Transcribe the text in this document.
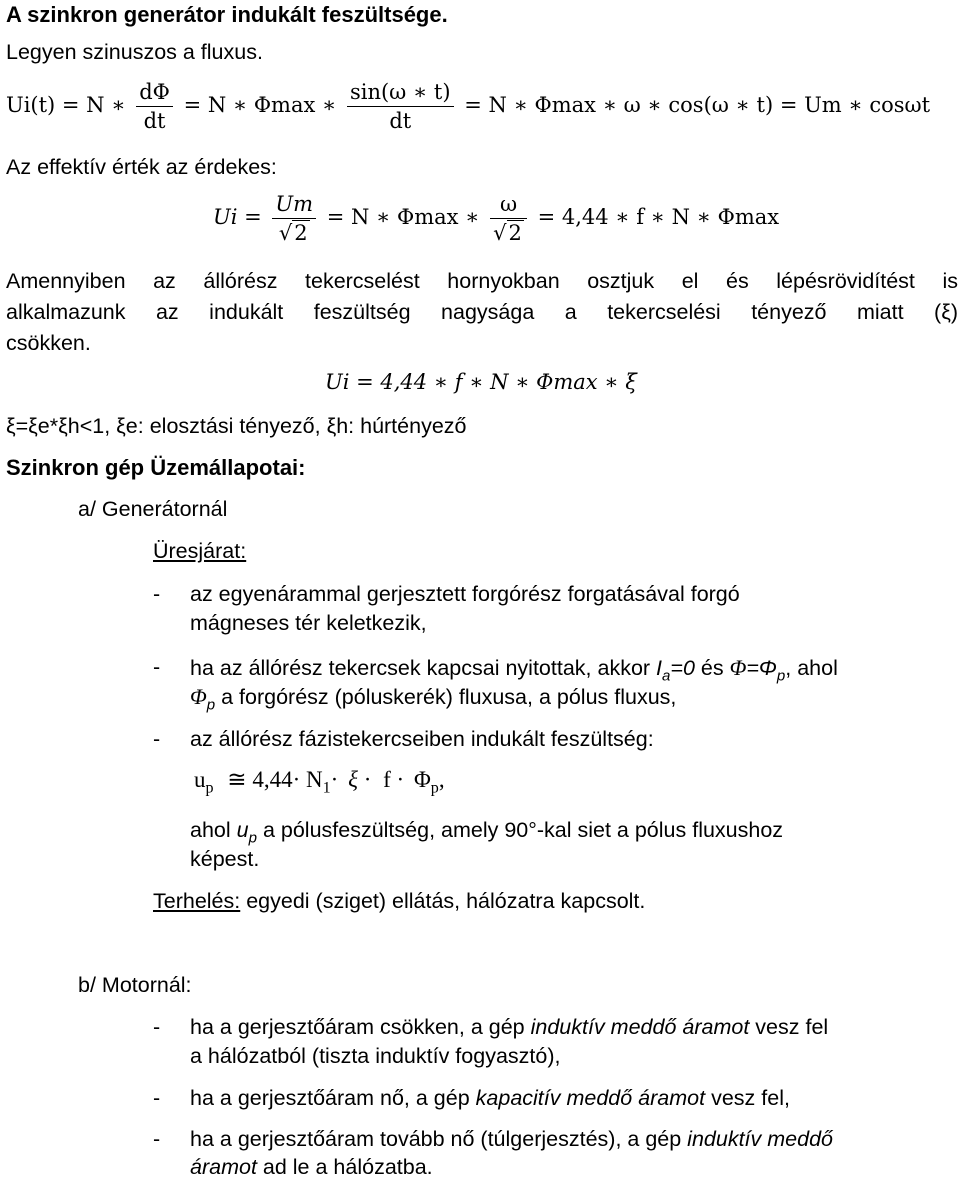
A szinkron generátor indukált feszültsége.
Legyen szinuszos a fluxus.
Ui(t) = N ∗ $\frac{d\Phi}{dt} = N$ ∗ Φmax ∗ $\frac{\sin(\omega ∗ t)}{dt} = N$ ∗ Φmax ∗ ω ∗ cos(ω ∗ t) = Um ∗ cosωt
Az effektív érték az érdekes:
$Ui = \frac{Um}{√2} = N$ ∗ Φmax ∗ $\frac{\omega}{√2} = 4,44$ ∗ f ∗ N ∗ Φmax
Amennyiben az állórész tekercselést hornyokban osztjuk el és lépésrövidítést is
alkalmazunk az indukált feszültség nagysága a tekercselési tényező miatt (ξ)
csökken.
Ui = 4,44 ∗ f ∗ N ∗ Φmax ∗ ξ
ξ=ξe*ξh<1, ξe: elosztási tényező, ξh: húrtényező
Szinkron gép Üzemállapotai:
a/ Generátornál
Üresjárat:
- az egyenárammal gerjesztett forgórész forgatásával forgó
mágneses tér keletkezik,
- ha az állórész tekercsek kapcsai nyitottak, akkor $I_a=0$ és $\Phi=\Phi_p$, ahol
$\Phi_p$ a forgórész (póluskerék) fluxusa, a pólus fluxus,
- az állórész fázistekercseiben indukált feszültség:
$u_p$ ≅ $4,44\cdot N_1\cdot \xi \cdot f \cdot \Phi_p$,
ahol $u_p$ a pólusfeszültség, amely 90°-kal siet a pólus fluxushoz
képest.
Terhelés: egyedi (sziget) ellátás, hálózatra kapcsolt.
b/ Motornál:
- ha a gerjesztőáram csökken, a gép induktív meddő áramot vesz fel
a hálózatból (tiszta induktív fogyasztó),
- ha a gerjesztőáram nő, a gép kapacitív meddő áramot vesz fel,
- ha a gerjesztőáram tovább nő (túlgerjesztés), a gép induktív meddő
áramot ad le a hálózatba.
